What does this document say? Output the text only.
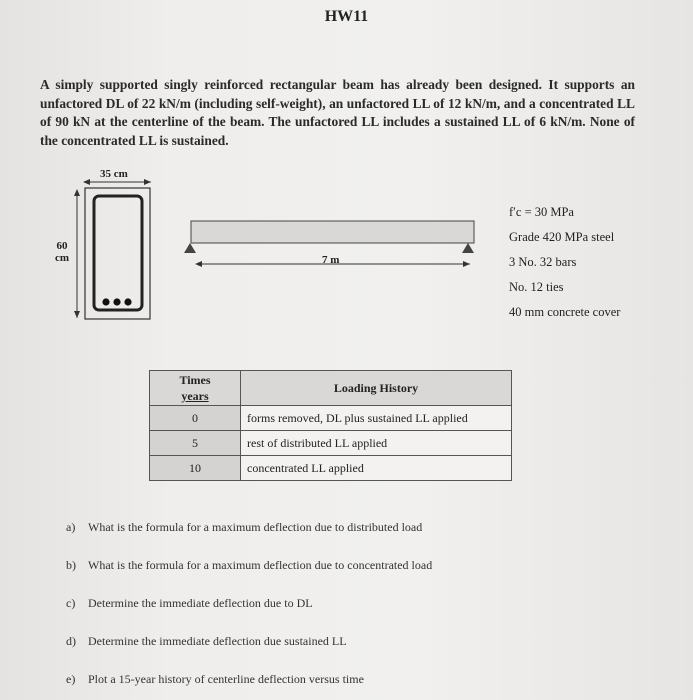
HW11
A simply supported singly reinforced rectangular beam has already been designed. It supports an unfactored DL of 22 kN/m (including self-weight), an unfactored LL of 12 kN/m, and a concentrated LL of 90 kN at the centerline of the beam. The unfactored LL includes a sustained LL of 6 kN/m. None of the concentrated LL is sustained.
35 cm
60
cm	7 m
f′c = 30 MPa
Grade 420 MPa steel
3 No. 32 bars
No. 12 ties
40 mm concrete cover
Times
years	Loading History
0	forms removed, DL plus sustained LL applied
5	rest of distributed LL applied
10	concentrated LL applied
a) What is the formula for a maximum deflection due to distributed load
b) What is the formula for a maximum deflection due to concentrated load
c) Determine the immediate deflection due to DL
d) Determine the immediate deflection due sustained LL
e) Plot a 15-year history of centerline deflection versus time
